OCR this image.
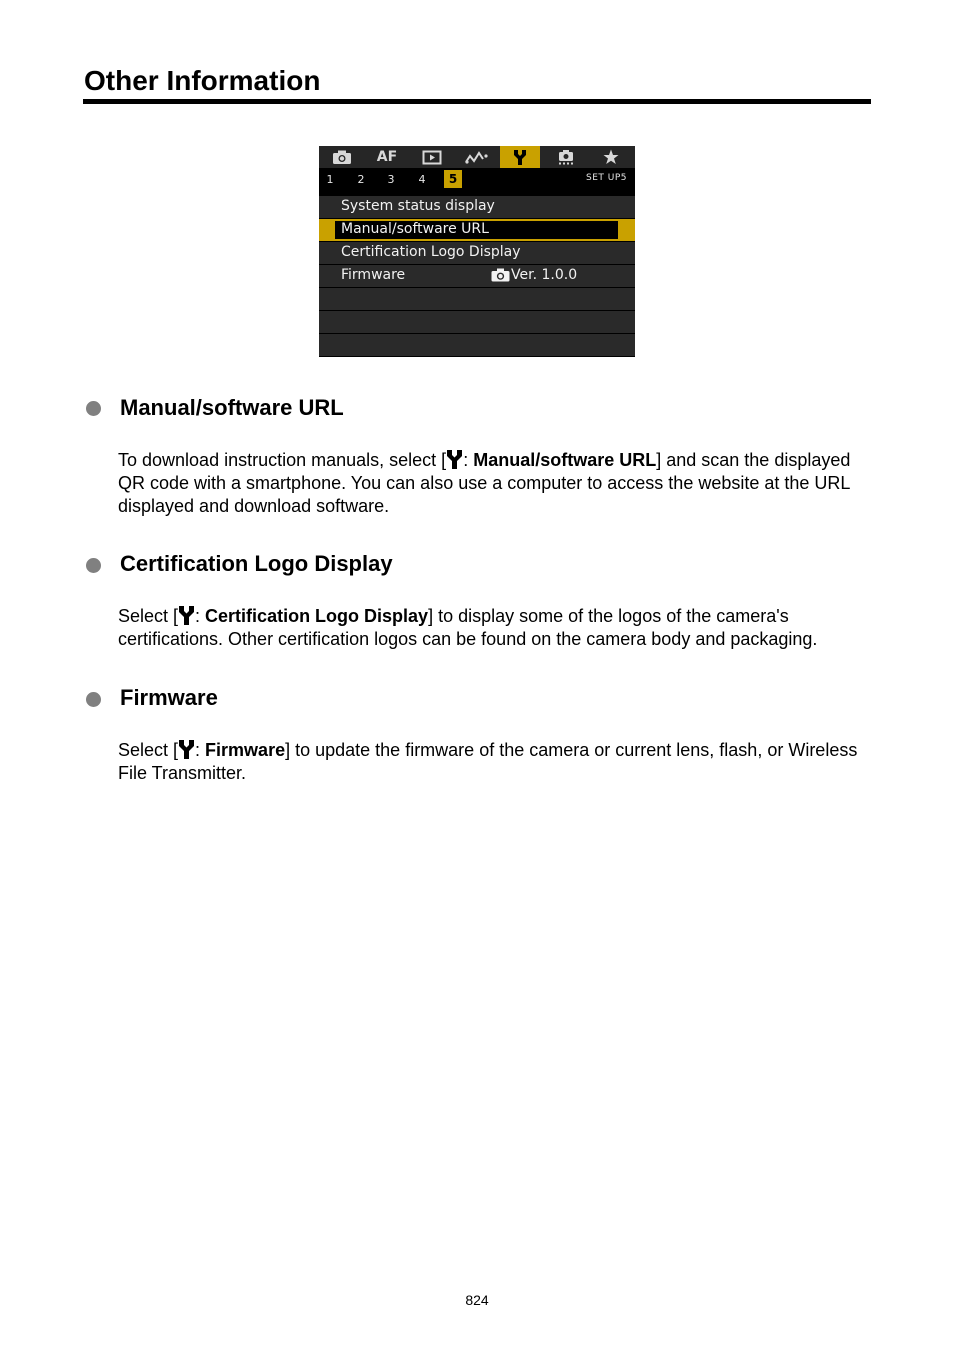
Other Information
AF
1	2	3	4	5	SET UP5
System status display
Manual/software URL
Certification Logo Display
Firmware	Ver. 1.0.0
Manual/software URL

To download instruction manuals, select [ : Manual/software URL] and scan the displayed QR code with a smartphone. You can also use a computer to access the website at the URL displayed and download software.

Certification Logo Display

Select [ : Certification Logo Display] to display some of the logos of the camera's certifications. Other certification logos can be found on the camera body and packaging.

Firmware

Select [ : Firmware] to update the firmware of the camera or current lens, flash, or Wireless File Transmitter.

824
